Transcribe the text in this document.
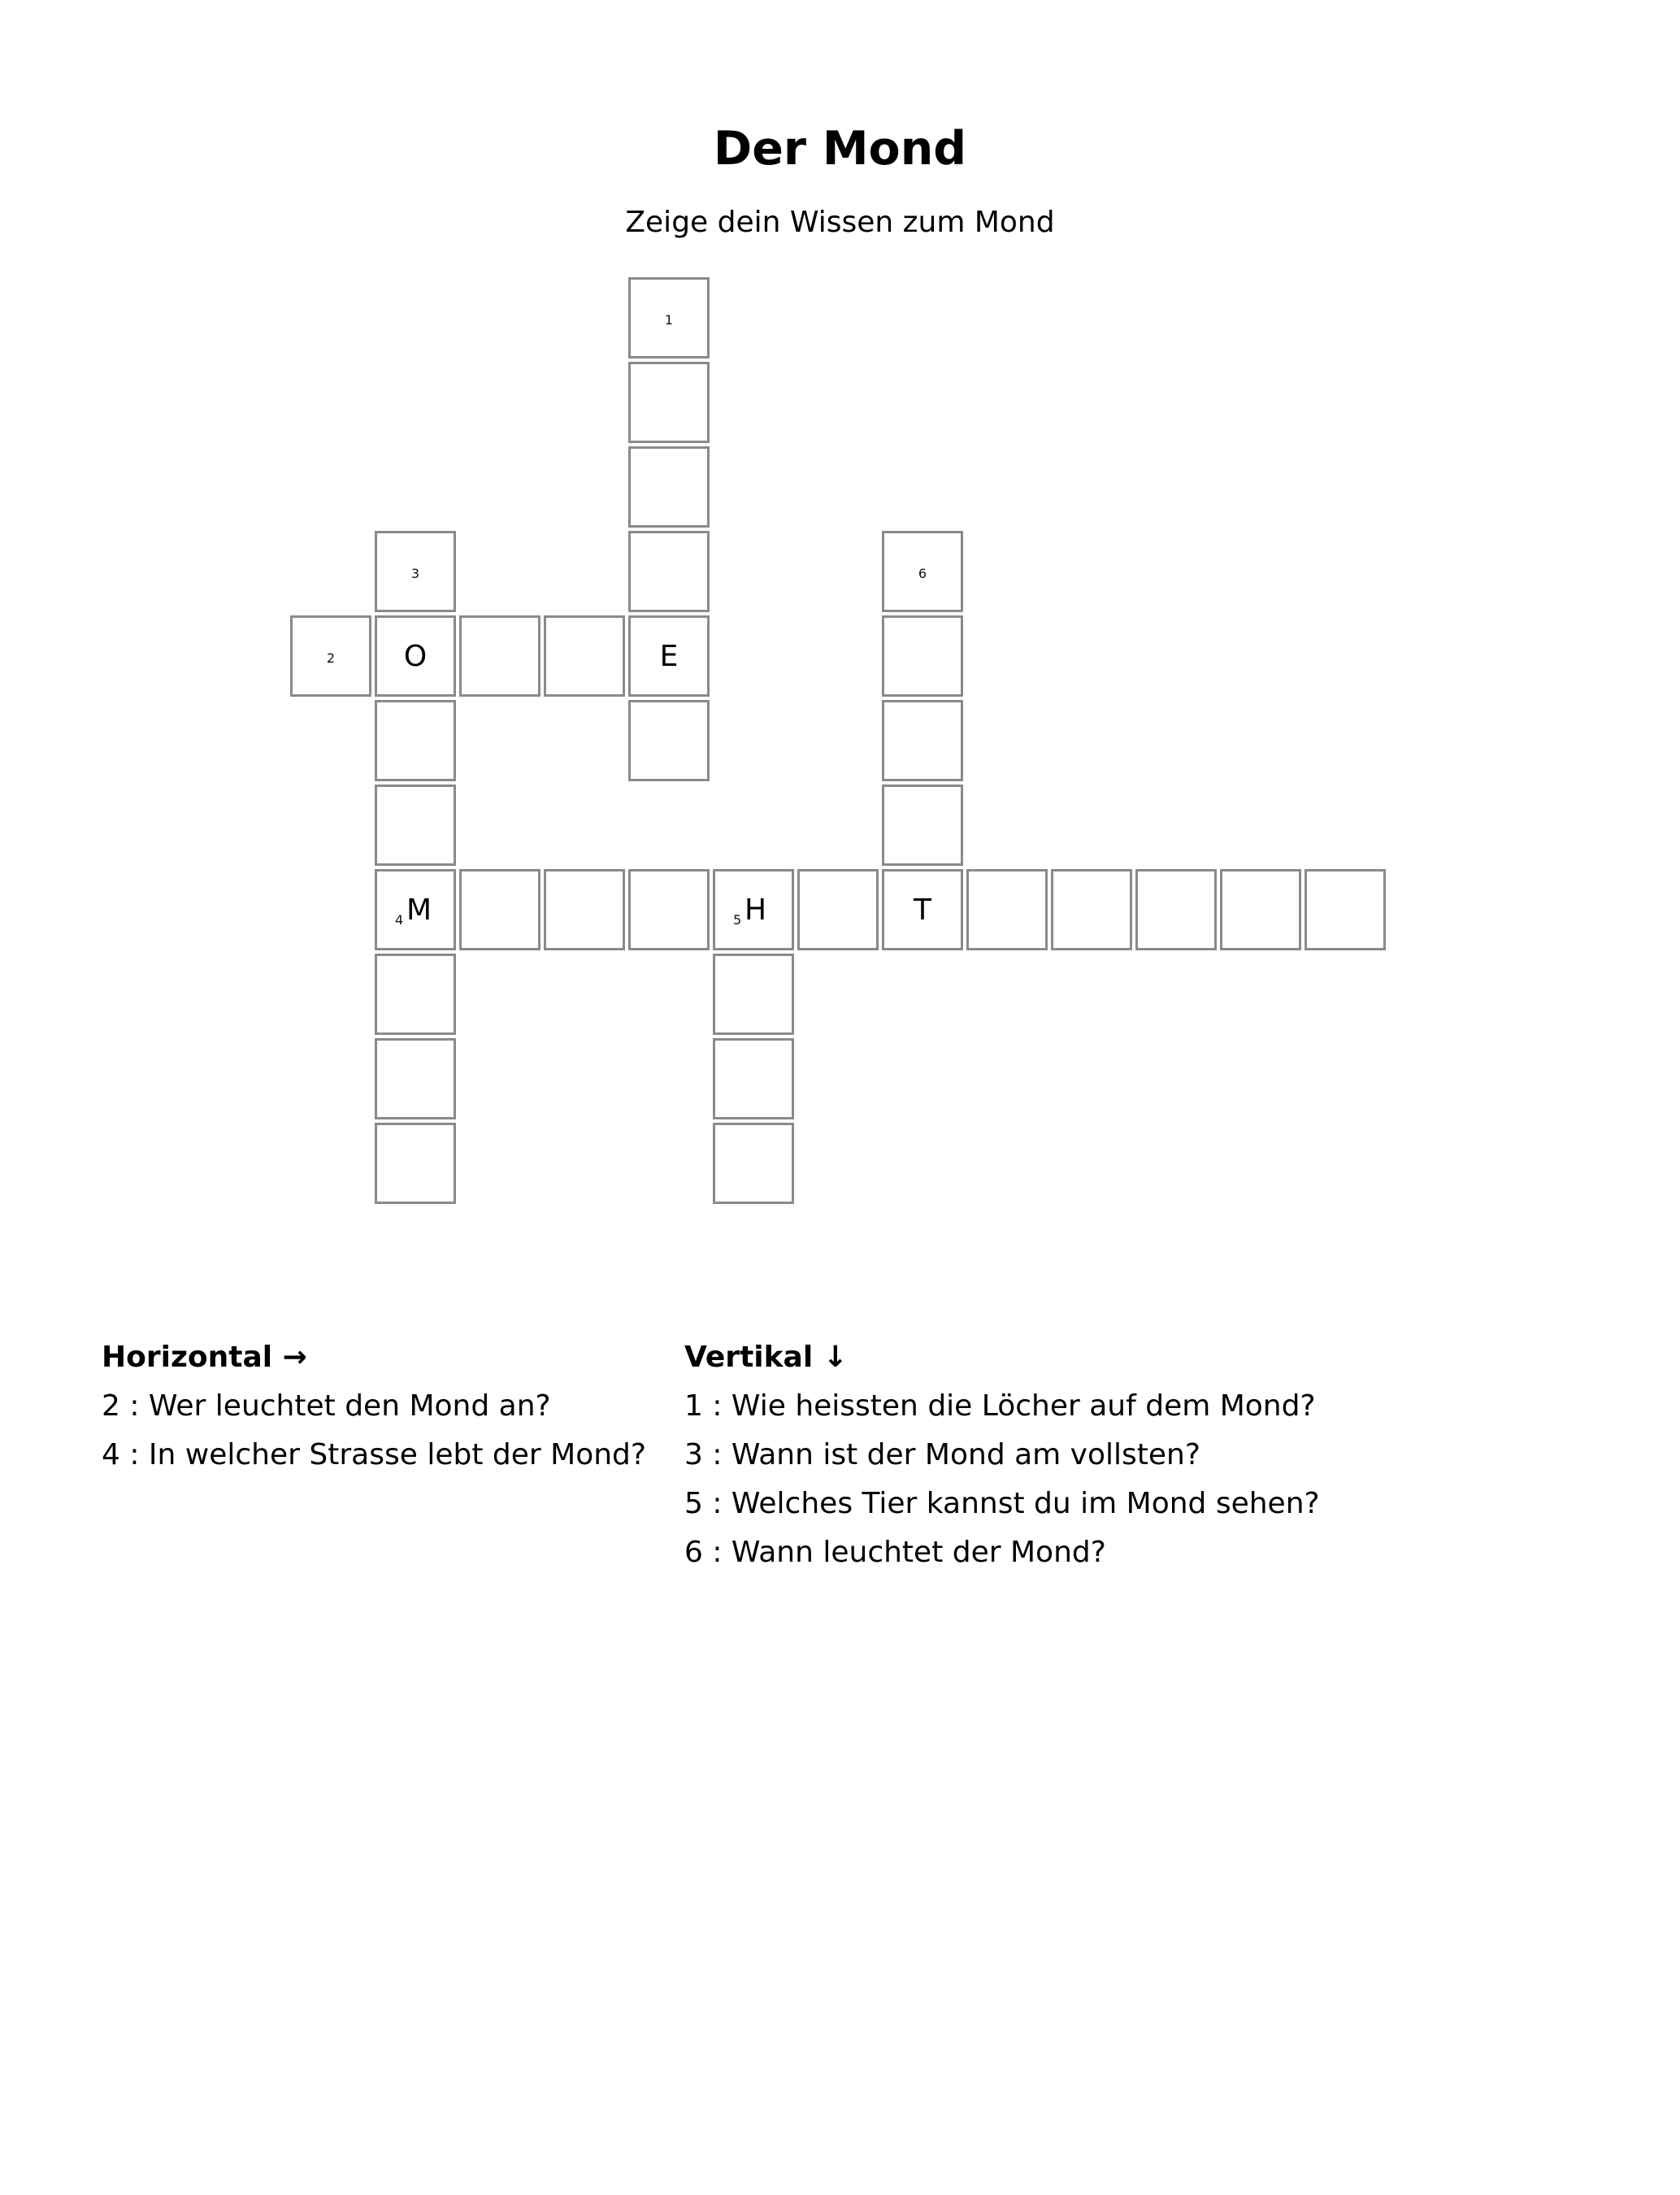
Der Mond
Zeige dein Wissen zum Mond
1
E
3
O
6
2
4 M	5 H	T
Horizontal →
2 : Wer leuchtet den Mond an?
4 : In welcher Strasse lebt der Mond?
Vertikal ↓
1 : Wie heissten die Löcher auf dem Mond?
3 : Wann ist der Mond am vollsten?
5 : Welches Tier kannst du im Mond sehen?
6 : Wann leuchtet der Mond?
